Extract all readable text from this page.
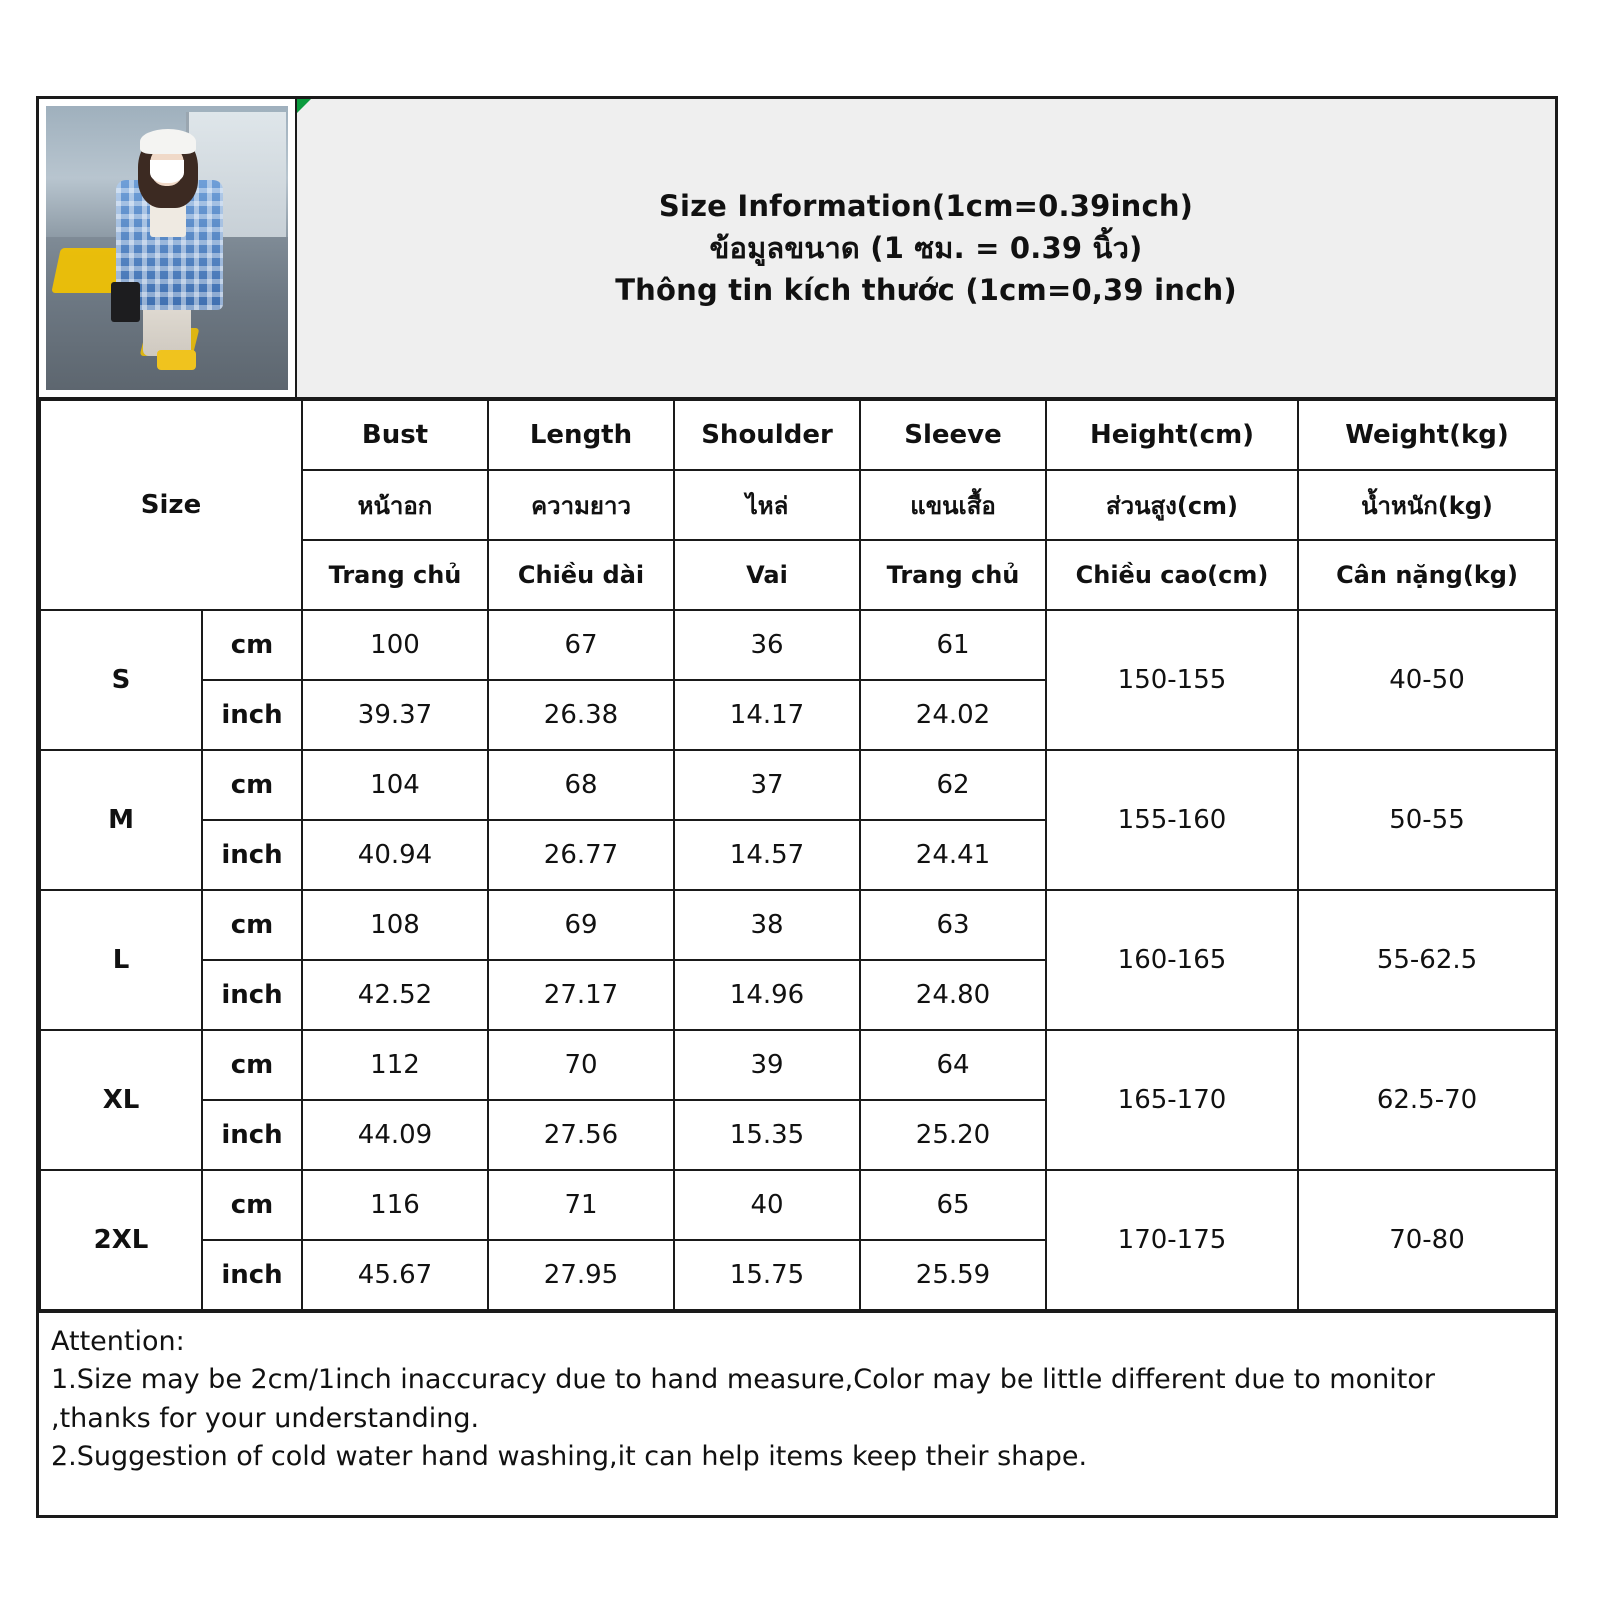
Size Information(1cm=0.39inch)
ข้อมูลขนาด (1 ซม. = 0.39 นิ้ว)
Thông tin kích thước (1cm=0,39 inch)
Size		Bust	Length	Shoulder	Sleeve	Height(cm)	Weight(kg)
		หน้าอก	ความยาว	ไหล่	แขนเสื้อ	ส่วนสูง(cm)	น้ำหนัก(kg)
		Trang chủ	Chiều dài	Vai	Trang chủ	Chiều cao(cm)	Cân nặng(kg)
S	cm	100	67	36	61	150-155	40-50
	inch	39.37	26.38	14.17	24.02		
M	cm	104	68	37	62	155-160	50-55
	inch	40.94	26.77	14.57	24.41		
L	cm	108	69	38	63	160-165	55-62.5
	inch	42.52	27.17	14.96	24.80		
XL	cm	112	70	39	64	165-170	62.5-70
	inch	44.09	27.56	15.35	25.20		
2XL	cm	116	71	40	65	170-175	70-80
	inch	45.67	27.95	15.75	25.59		
Attention:
1.Size may be 2cm/1inch inaccuracy due to hand measure,Color may be little different due to monitor
,thanks for your understanding.
2.Suggestion of cold water hand washing,it can help items keep their shape.
